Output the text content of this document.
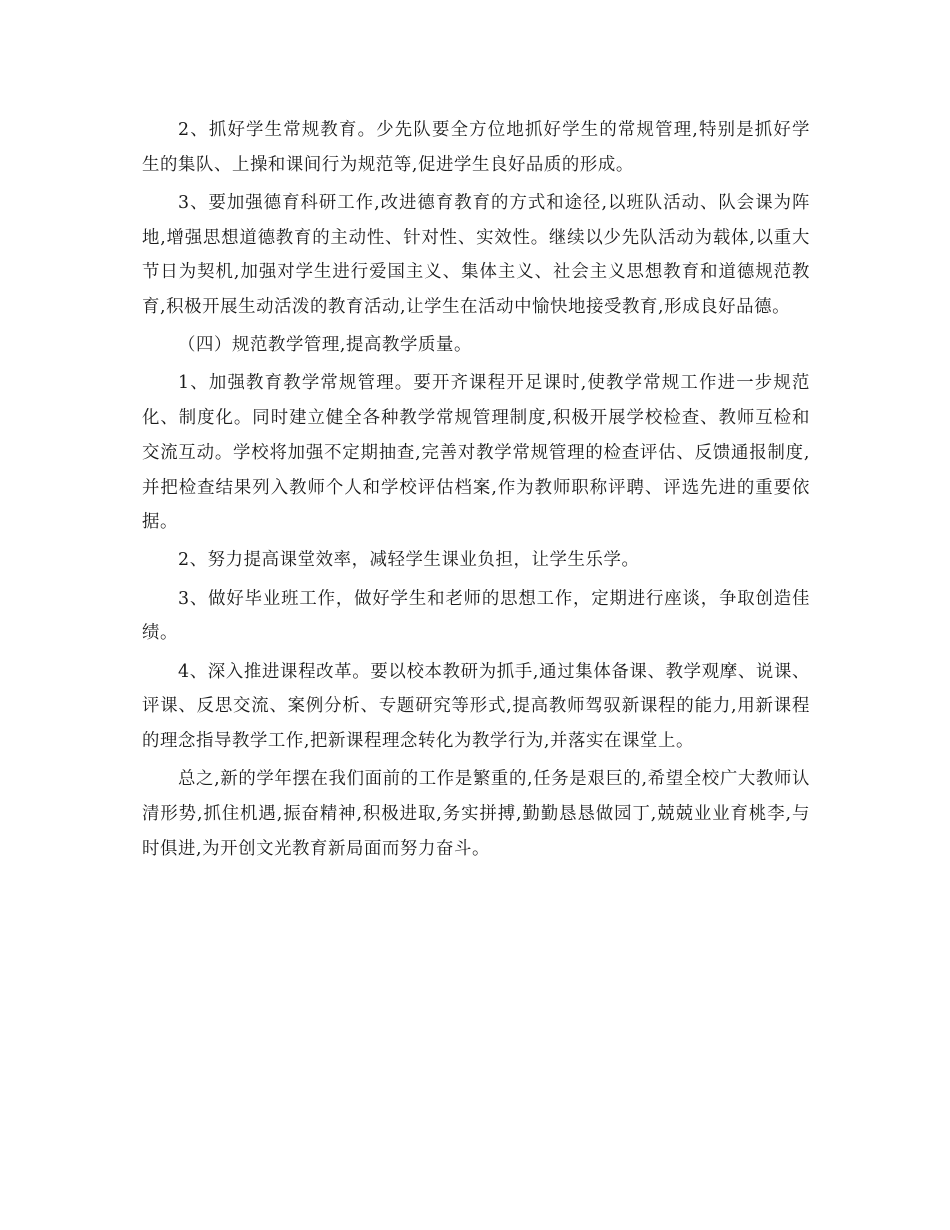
2、抓好学生常规教育。少先队要全方位地抓好学生的常规管理,特别是抓好学 生的集队、上操和课间行为规范等,促进学生良好品质的形成。

3、要加强德育科研工作,改进德育教育的方式和途径,以班队活动、队会课为阵地,增强思想道德教育的主动性、针对性、实效性。继续以少先队活动为载体,以重大节日为契机,加强对学生进行爱国主义、集体主义、社会主义思想教育和道德规范教育,积极开展生动活泼的教育活动,让学生在活动中愉快地接受教育,形成良好品德。

（四）规范教学管理,提高教学质量。

1、加强教育教学常规管理。要开齐课程开足课时,使教学常规工作进一步规范化、制度化。同时建立健全各种教学常规管理制度,积极开展学校检查、教师互检和交流互动。学校将加强不定期抽查,完善对教学常规管理的检查评估、反馈通报制度,并把检查结果列入教师个人和学校评估档案,作为教师职称评聘、评选先进的重要依据。

2、努力提高课堂效率，减轻学生课业负担，让学生乐学。

3、做好毕业班工作，做好学生和老师的思想工作，定期进行座谈，争取创造佳绩。

4、深入推进课程改革。要以校本教研为抓手,通过集体备课、教学观摩、说课、评课、反思交流、案例分析、专题研究等形式,提高教师驾驭新课程的能力,用新课程的理念指导教学工作,把新课程理念转化为教学行为,并落实在课堂上。

总之,新的学年摆在我们面前的工作是繁重的,任务是艰巨的,希望全校广大教师认清形势,抓住机遇,振奋精神,积极进取,务实拼搏,勤勤恳恳做园丁,兢兢业业育桃李,与时俱进,为开创文光教育新局面而努力奋斗。
